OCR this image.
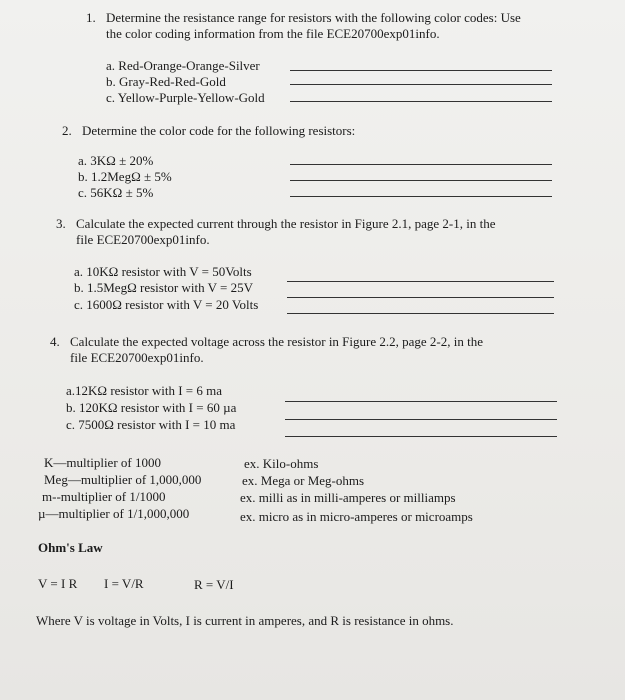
1. Determine the resistance range for resistors with the following color codes: Use
the color coding information from the file ECE20700exp01info.
a. Red-Orange-Orange-Silver
b. Gray-Red-Red-Gold
c. Yellow-Purple-Yellow-Gold
2. Determine the color code for the following resistors:
a. 3KΩ ± 20%
b. 1.2MegΩ ± 5%
c. 56KΩ ± 5%
3. Calculate the expected current through the resistor in Figure 2.1, page 2-1, in the
file ECE20700exp01info.
a. 10KΩ resistor with V = 50Volts
b. 1.5MegΩ resistor with V = 25V
c. 1600Ω resistor with V = 20 Volts
4. Calculate the expected voltage across the resistor in Figure 2.2, page 2-2, in the
file ECE20700exp01info.
a.12KΩ resistor with I = 6 ma
b. 120KΩ resistor with I = 60 µa
c. 7500Ω resistor with I = 10 ma
K—multiplier of 1000
Meg—multiplier of 1,000,000
m--multiplier of 1/1000
µ—multiplier of 1/1,000,000
ex. Kilo-ohms
ex. Mega or Meg-ohms
ex. milli as in milli-amperes or milliamps
ex. micro as in micro-amperes or microamps
Ohm's Law
V = I R I = V/R	R = V/I
Where V is voltage in Volts, I is current in amperes, and R is resistance in ohms.
